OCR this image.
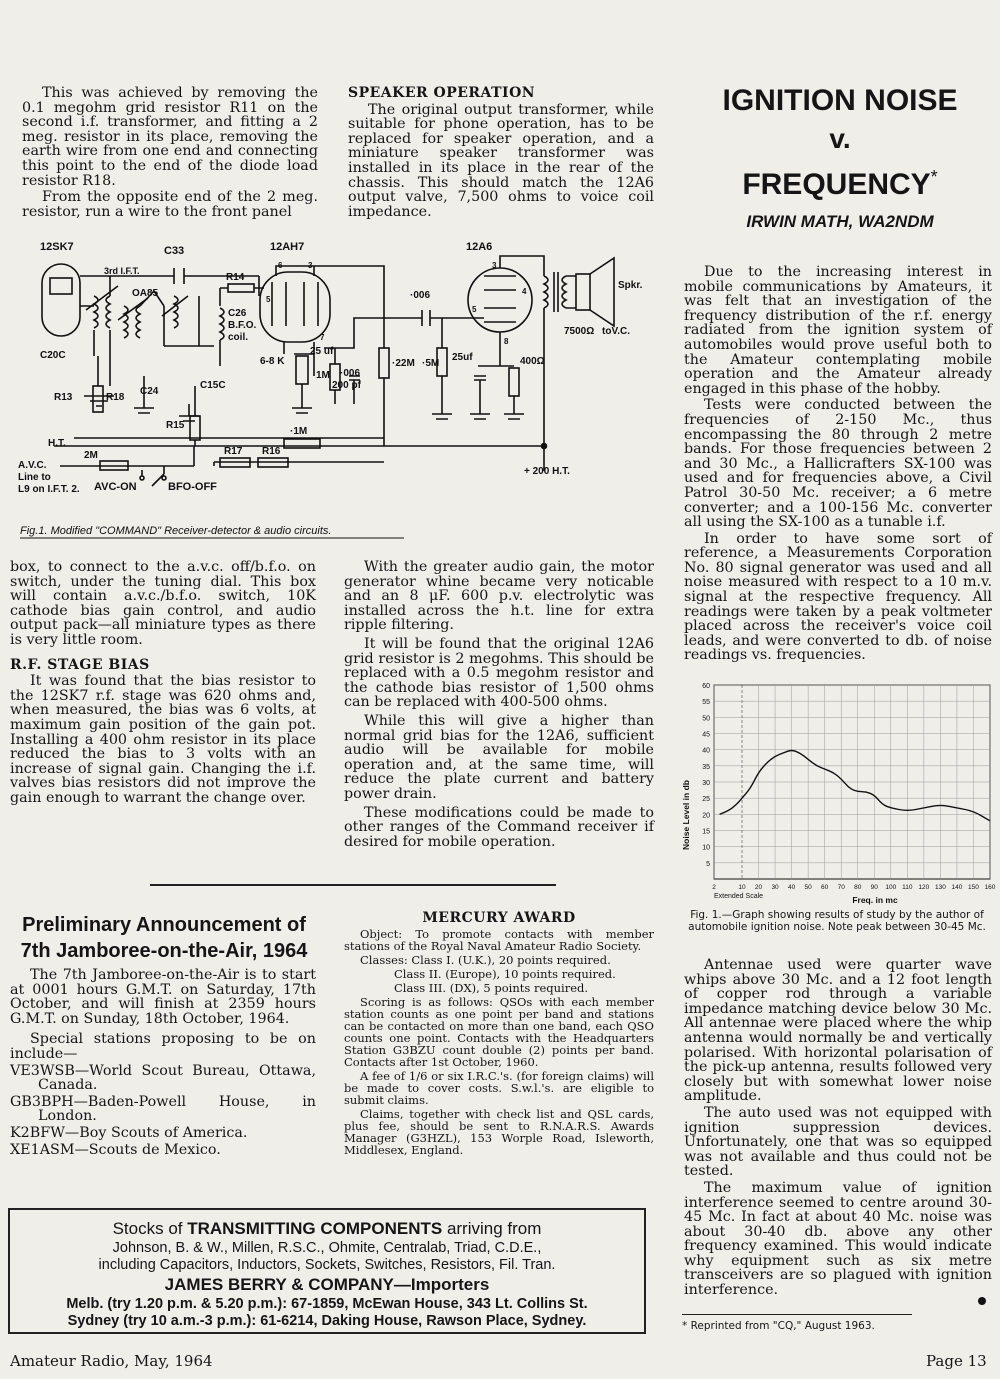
This was achieved by removing the 0.1 megohm grid resistor R11 on the second i.f. transformer, and fitting a 2 meg. resistor in its place, removing the earth wire from one end and connecting this point to the end of the diode load resistor R18.

From the opposite end of the 2 meg. resistor, run a wire to the front panel

SPEAKER OPERATION

The original output transformer, while suitable for phone operation, has to be replaced for speaker operation, and a miniature speaker transformer was installed in its place in the rear of the chassis. This should match the 12A6 output valve, 7,500 ohms to voice coil impedance.

IGNITION NOISE
v.
FREQUENCY*
IRWIN MATH, WA2NDM
12SK7	12AH7	12A6
C33
3rd I.F.T.
OA85
R14
C26
B.F.O.
coil.
C20C
R13	R18
C24
C15C
R15
6-8 K
25 uf
1M ·006
200 pf
·22M ·5M
25uf	400Ω
·006
7500Ω toV.C.
Spkr.
H.T.
A.V.C.
Line to
L9 on I.F.T. 2.
2M
·1M
R17 R16
AVC-ON	BFO-OFF
+ 200 H.T.
6	3	3
4
5
5
8
7
Fig.1. Modified "COMMAND" Receiver-detector & audio circuits.

box, to connect to the a.v.c. off/b.f.o. on switch, under the tuning dial. This box will contain a.v.c./b.f.o. switch, 10K cathode bias gain control, and audio output pack—all miniature types as there is very little room.

R.F. STAGE BIAS

It was found that the bias resistor to the 12SK7 r.f. stage was 620 ohms and, when measured, the bias was 6 volts, at maximum gain position of the gain pot. Installing a 400 ohm resistor in its place reduced the bias to 3 volts with an increase of signal gain. Changing the i.f. valves bias resistors did not improve the gain enough to warrant the change over.

With the greater audio gain, the motor generator whine became very noticable and an 8 μF. 600 p.v. electrolytic was installed across the h.t. line for extra ripple filtering.

It will be found that the original 12A6 grid resistor is 2 megohms. This should be replaced with a 0.5 megohm resistor and the cathode bias resistor of 1,500 ohms can be replaced with 400-500 ohms.

While this will give a higher than normal grid bias for the 12A6, sufficient audio will be available for mobile operation and, at the same time, will reduce the plate current and battery power drain.

These modifications could be made to other ranges of the Command receiver if desired for mobile operation.

Due to the increasing interest in mobile communications by Amateurs, it was felt that an investigation of the frequency distribution of the r.f. energy radiated from the ignition system of automobiles would prove useful both to the Amateur contemplating mobile operation and the Amateur already engaged in this phase of the hobby.

Tests were conducted between the frequencies of 2-150 Mc., thus encompassing the 80 through 2 metre bands. For those frequencies between 2 and 30 Mc., a Hallicrafters SX-100 was used and for frequencies above, a Civil Patrol 30-50 Mc. receiver; a 6 metre converter; and a 100-156 Mc. converter all using the SX-100 as a tunable i.f.

In order to have some sort of reference, a Measurements Corporation No. 80 signal generator was used and all noise measured with respect to a 10 m.v. signal at the respective frequency. All readings were taken by a peak voltmeter placed across the receiver's voice coil leads, and were converted to db. of noise readings vs. frequencies.

5
10
15
20
25
30
35
40
45
50
55
60
2	10 20 30 40 50 60 70 80 90 100 110 120 130 140 150 160
Noise Level in db
Freq. in mc
Extended Scale
Fig. 1.—Graph showing results of study by the author of automobile ignition noise. Note peak between 30-45 Mc.

Antennae used were quarter wave whips above 30 Mc. and a 12 foot length of copper rod through a variable impedance matching device below 30 Mc. All antennae were placed where the whip antenna would normally be and vertically polarised. With horizontal polarisation of the pick-up antenna, results followed very closely but with somewhat lower noise amplitude.

The auto used was not equipped with ignition suppression devices. Unfortunately, one that was so equipped was not available and thus could not be tested.

The maximum value of ignition interference seemed to centre around 30-45 Mc. In fact at about 40 Mc. noise was about 30-40 db. above any other frequency examined. This would indicate why equipment such as six metre transceivers are so plagued with ignition interference.

* Reprinted from "CQ," August 1963.
Preliminary Announcement of
7th Jamboree-on-the-Air, 1964

The 7th Jamboree-on-the-Air is to start at 0001 hours G.M.T. on Saturday, 17th October, and will finish at 2359 hours G.M.T. on Sunday, 18th October, 1964.

Special stations proposing to be on include—

VE3WSB—World Scout Bureau, Ottawa, Canada.

GB3BPH—Baden-Powell House, in London.

K2BFW—Boy Scouts of America.

XE1ASM—Scouts de Mexico.

MERCURY AWARD

Object: To promote contacts with member stations of the Royal Naval Amateur Radio Society.

Classes: Class I. (U.K.), 20 points required.

Class II. (Europe), 10 points required.

Class III. (DX), 5 points required.

Scoring is as follows: QSOs with each member station counts as one point per band and stations can be contacted on more than one band, each QSO counts one point. Contacts with the Headquarters Station G3BZU count double (2) points per band. Contacts after 1st October, 1960.

A fee of 1/6 or six I.R.C.'s. (for foreign claims) will be made to cover costs. S.w.l.'s. are eligible to submit claims.

Claims, together with check list and QSL cards, plus fee, should be sent to R.N.A.R.S. Awards Manager (G3HZL), 153 Worple Road, Isleworth, Middlesex, England.

Stocks of TRANSMITTING COMPONENTS arriving from
Johnson, B. & W., Millen, R.S.C., Ohmite, Centralab, Triad, C.D.E.,
including Capacitors, Inductors, Sockets, Switches, Resistors, Fil. Tran.
JAMES BERRY & COMPANY—Importers
Melb. (try 1.20 p.m. & 5.20 p.m.): 67-1859, McEwan House, 343 Lt. Collins St.
Sydney (try 10 a.m.-3 p.m.): 61-6214, Daking House, Rawson Place, Sydney.
Amateur Radio, May, 1964	Page 13
